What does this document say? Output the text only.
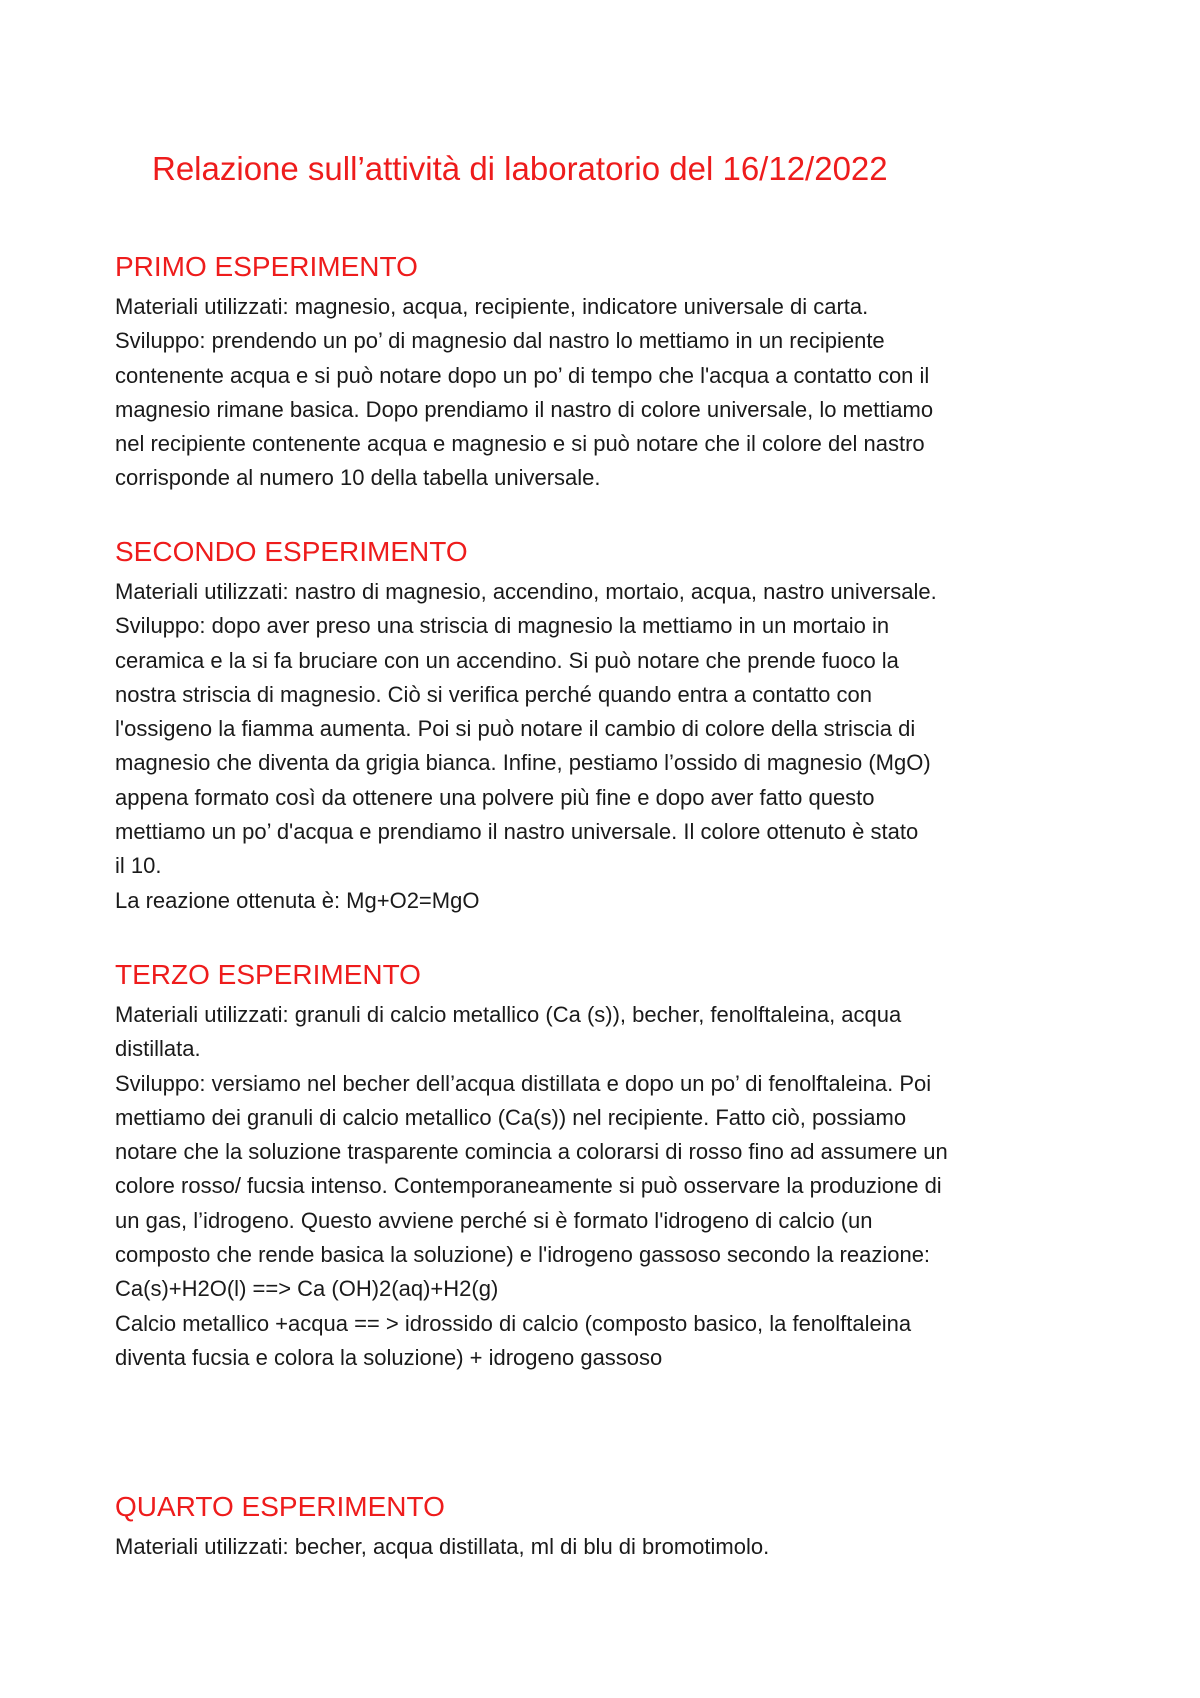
Relazione sull’attività di laboratorio del 16/12/2022
PRIMO ESPERIMENTO

Materiali utilizzati: magnesio, acqua, recipiente, indicatore universale di carta.

Sviluppo: prendendo un po’ di magnesio dal nastro lo mettiamo in un recipiente

contenente acqua e si può notare dopo un po’ di tempo che l'acqua a contatto con il

magnesio rimane basica. Dopo prendiamo il nastro di colore universale, lo mettiamo

nel recipiente contenente acqua e magnesio e si può notare che il colore del nastro

corrisponde al numero 10 della tabella universale.

SECONDO ESPERIMENTO

Materiali utilizzati: nastro di magnesio, accendino, mortaio, acqua, nastro universale.

Sviluppo: dopo aver preso una striscia di magnesio la mettiamo in un mortaio in

ceramica e la si fa bruciare con un accendino. Si può notare che prende fuoco la

nostra striscia di magnesio. Ciò si verifica perché quando entra a contatto con

l'ossigeno la fiamma aumenta. Poi si può notare il cambio di colore della striscia di

magnesio che diventa da grigia bianca. Infine, pestiamo l’ossido di magnesio (MgO)

appena formato così da ottenere una polvere più fine e dopo aver fatto questo

mettiamo un po’ d'acqua e prendiamo il nastro universale. Il colore ottenuto è stato

il 10.

La reazione ottenuta è: Mg+O2=MgO

TERZO ESPERIMENTO

Materiali utilizzati: granuli di calcio metallico (Ca (s)), becher, fenolftaleina, acqua

distillata.

Sviluppo: versiamo nel becher dell’acqua distillata e dopo un po’ di fenolftaleina. Poi

mettiamo dei granuli di calcio metallico (Ca(s)) nel recipiente. Fatto ciò, possiamo

notare che la soluzione trasparente comincia a colorarsi di rosso fino ad assumere un

colore rosso/ fucsia intenso. Contemporaneamente si può osservare la produzione di

un gas, l’idrogeno. Questo avviene perché si è formato l'idrogeno di calcio (un

composto che rende basica la soluzione) e l'idrogeno gassoso secondo la reazione:

Ca(s)+H2O(l) ==> Ca (OH)2(aq)+H2(g)

Calcio metallico +acqua == > idrossido di calcio (composto basico, la fenolftaleina

diventa fucsia e colora la soluzione) + idrogeno gassoso

QUARTO ESPERIMENTO

Materiali utilizzati: becher, acqua distillata, ml di blu di bromotimolo.
